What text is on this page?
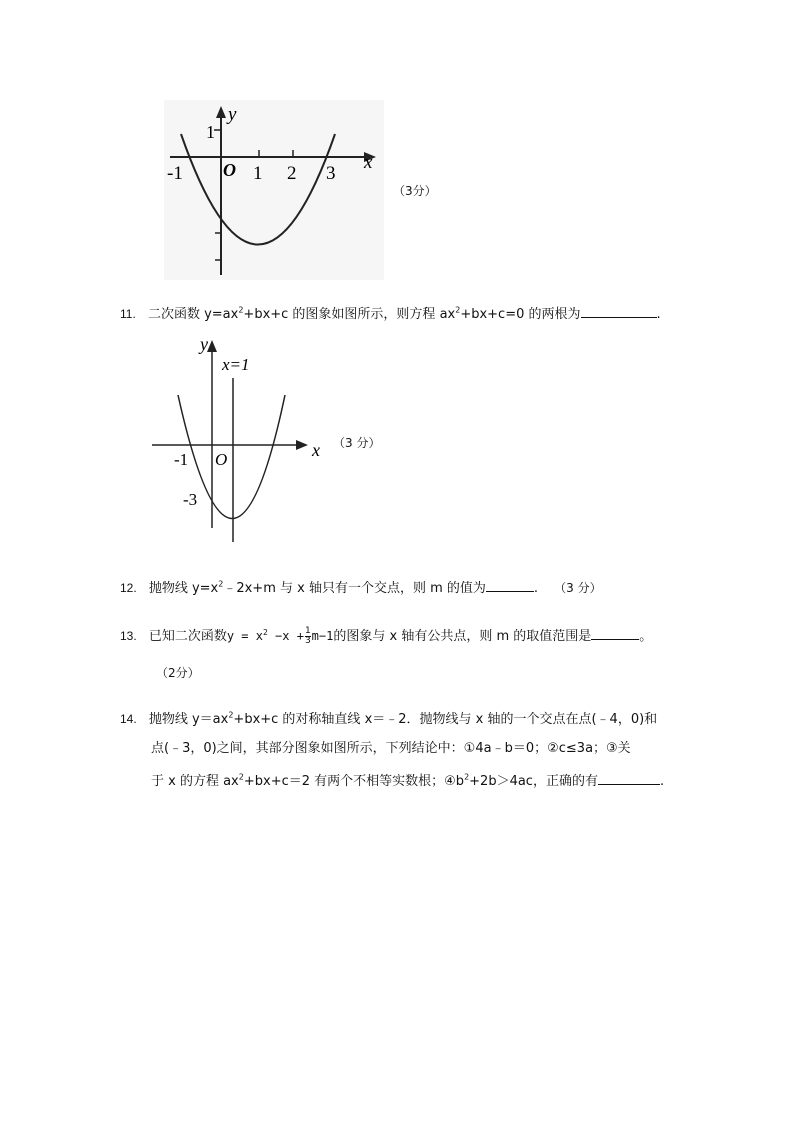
y
1
x
-1 O 1 2 3
（3分）
11. 二次函数 $y=ax^2+bx+c$ 的图象如图所示，则方程 $ax^2+bx+c=0$ 的两根为	.
y
x=1
x
-1 O
-3
（3 分）
12. 抛物线 $y=x^2﹣2x+m$ 与 x 轴只有一个交点，则 m 的值为	. （3 分）
13. 已知二次函数$y = x^2 -x + \frac{1}{3} m-1$的图象与 x 轴有公共点，则 m 的取值范围是	。
（2分）
14. 抛物线 $y=ax^2+bx+c$ 的对称轴直线 x＝﹣2．抛物线与 x 轴的一个交点在点(﹣4，0)和
点(﹣3，0)之间，其部分图象如图所示，下列结论中：①4a﹣b＝0；②c≤3a；③关
于 x 的方程 $ax^2+bx+c=2$ 有两个不相等实数根；$④b^2+2b>4ac$，正确的有	.
